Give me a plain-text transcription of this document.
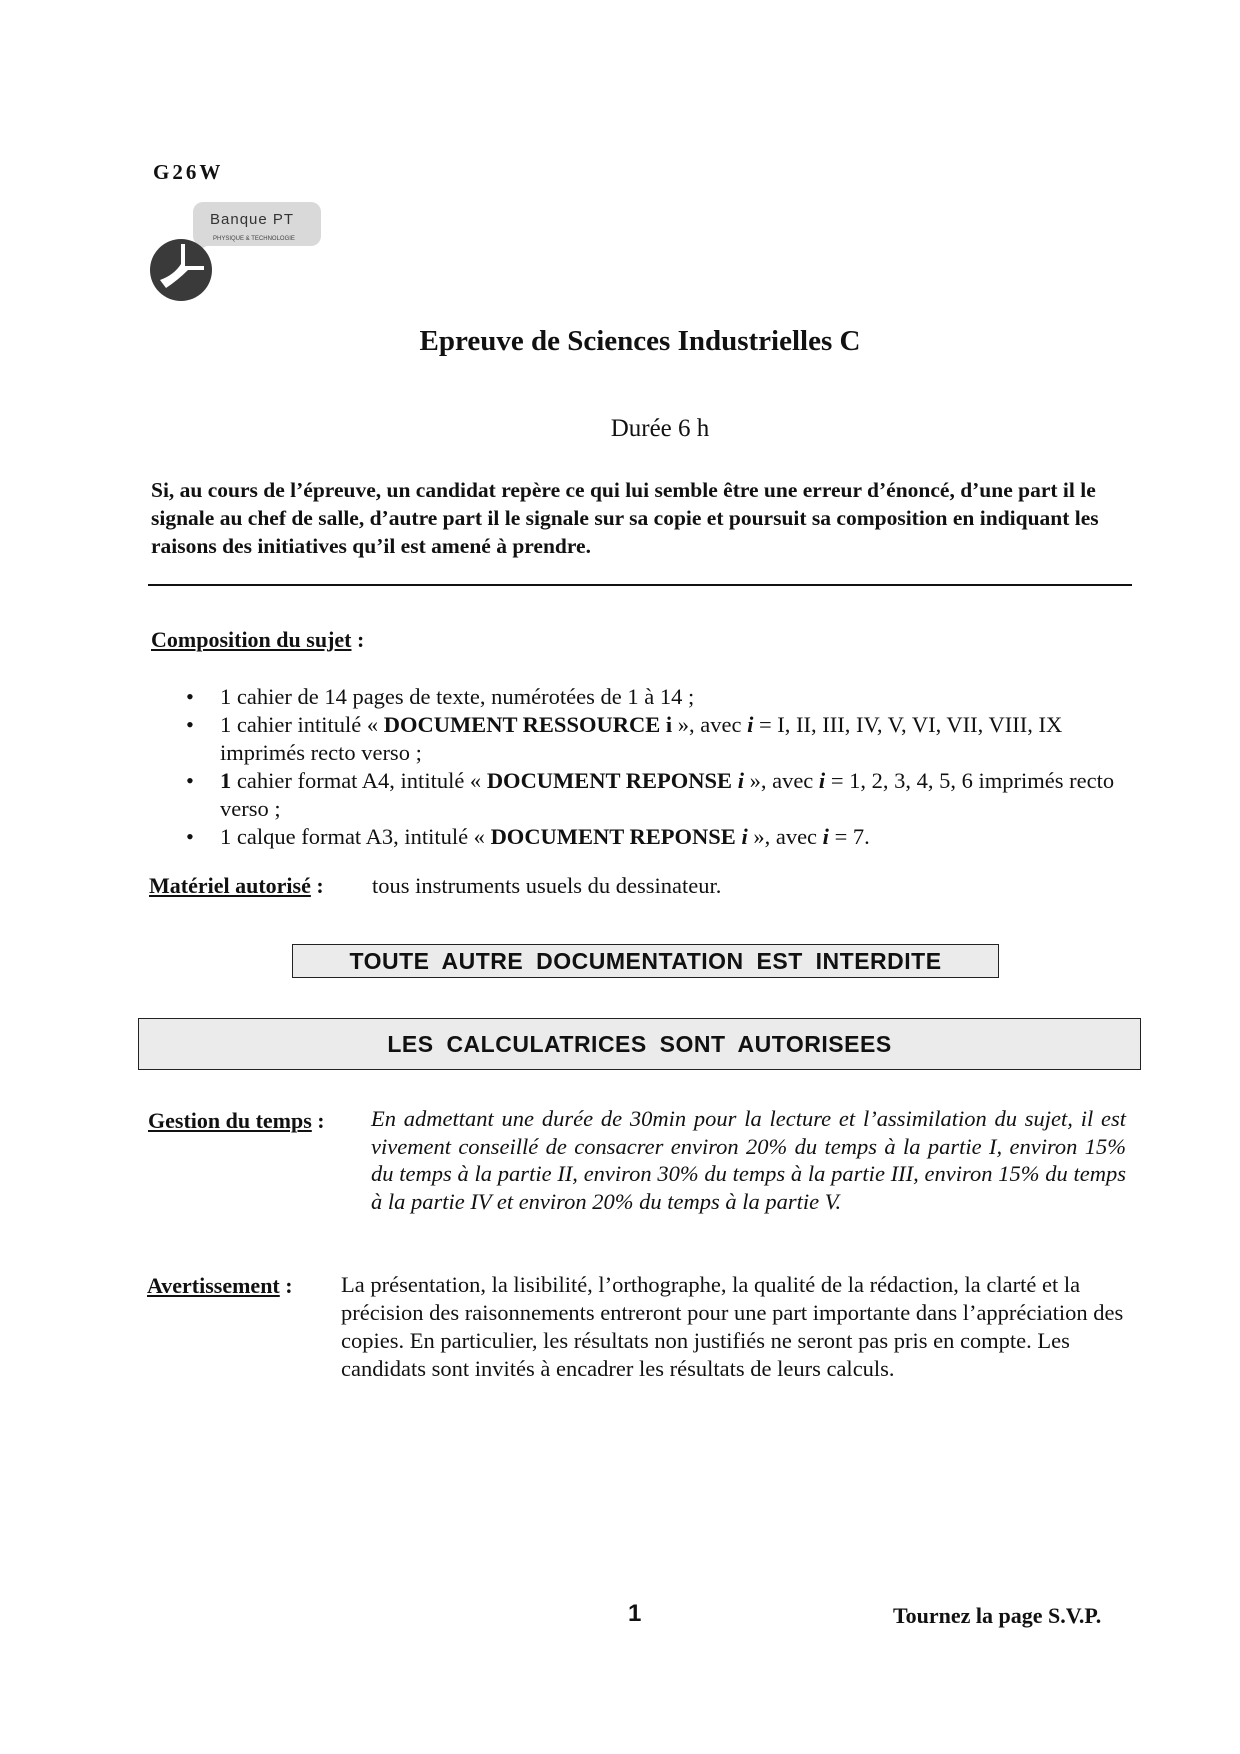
G26W
Banque PT
PHYSIQUE & TECHNOLOGIE
Epreuve de Sciences Industrielles C
Durée 6 h
Si, au cours de l’épreuve, un candidat repère ce qui lui semble être une erreur d’énoncé, d’une part il le signale au chef de salle, d’autre part il le signale sur sa copie et poursuit sa composition en indiquant les raisons des initiatives qu’il est amené à prendre.
Composition du sujet :
• 1 cahier de 14 pages de texte, numérotées de 1 à 14 ;
• 1 cahier intitulé « DOCUMENT RESSOURCE i », avec i = I, II, III, IV, V, VI, VII, VIII, IX imprimés recto verso ;
• 1 cahier format A4, intitulé « DOCUMENT REPONSE i », avec i = 1, 2, 3, 4, 5, 6 imprimés recto verso ;
• 1 calque format A3, intitulé « DOCUMENT REPONSE i », avec i = 7.
Matériel autorisé : tous instruments usuels du dessinateur.
TOUTE AUTRE DOCUMENTATION EST INTERDITE
LES CALCULATRICES SONT AUTORISEES
Gestion du temps : En admettant une durée de 30min pour la lecture et l’assimilation du sujet, il est vivement conseillé de consacrer environ 20% du temps à la partie I, environ 15% du temps à la partie II, environ 30% du temps à la partie III, environ 15% du temps à la partie IV et environ 20% du temps à la partie V.
Avertissement : La présentation, la lisibilité, l’orthographe, la qualité de la rédaction, la clarté et la précision des raisonnements entreront pour une part importante dans l’appréciation des copies. En particulier, les résultats non justifiés ne seront pas pris en compte. Les candidats sont invités à encadrer les résultats de leurs calculs.
1	Tournez la page S.V.P.
